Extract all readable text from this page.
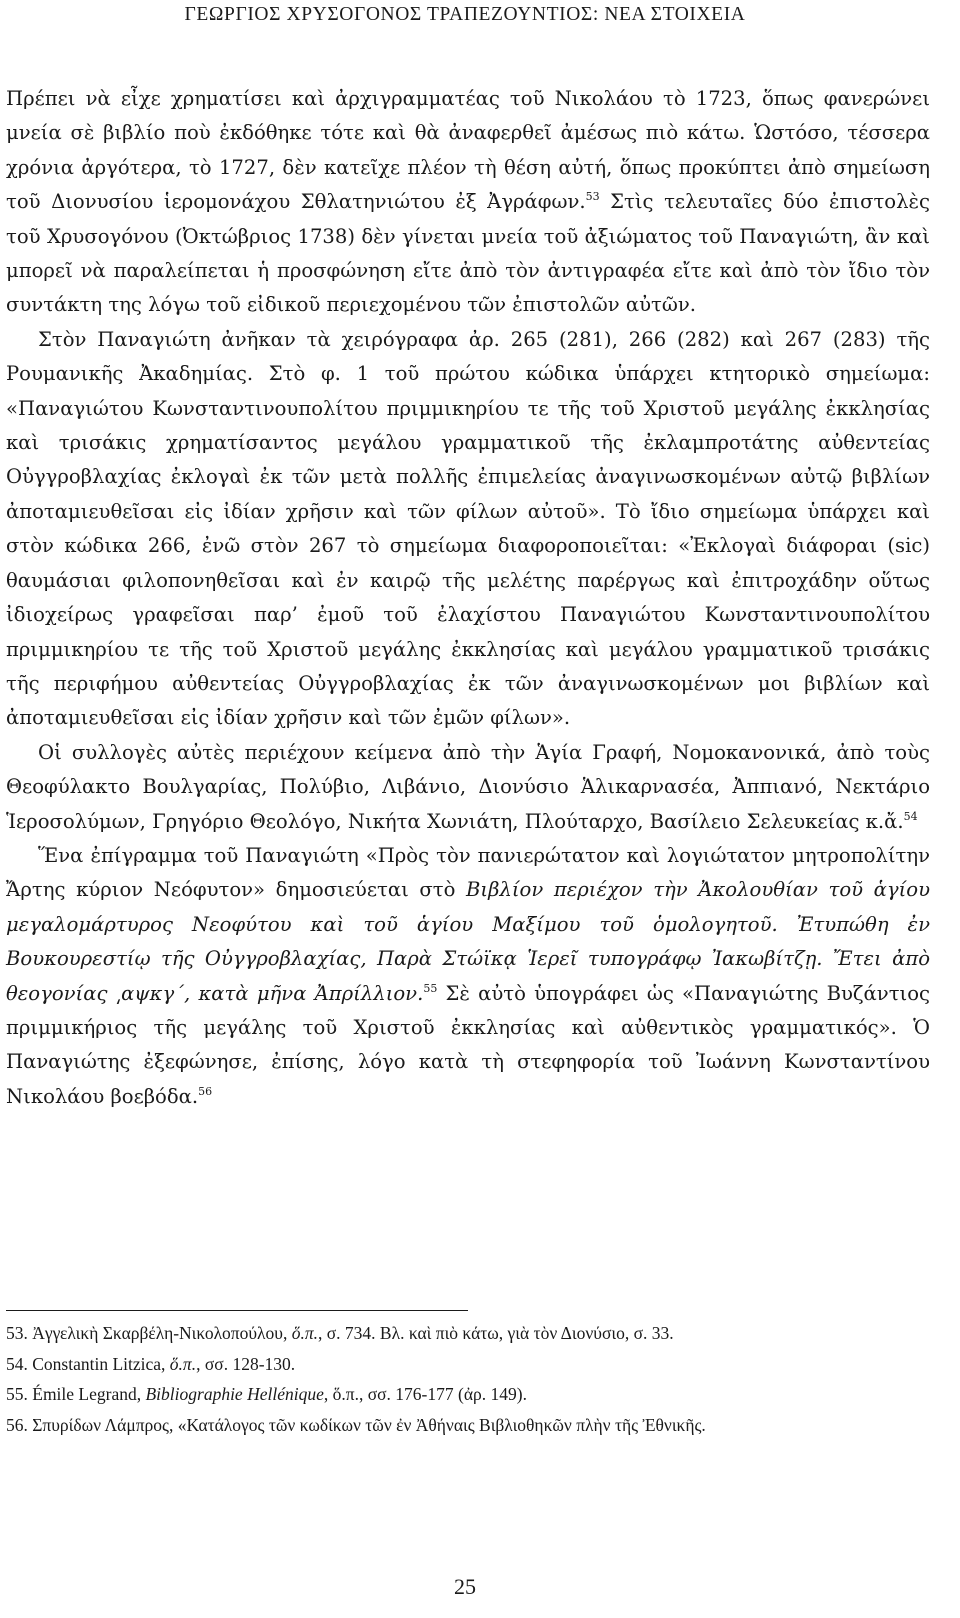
ΓΕΩΡΓΙΟΣ ΧΡΥΣΟΓΟΝΟΣ ΤΡΑΠΕΖΟΥΝΤΙΟΣ: ΝΕΑ ΣΤΟΙΧΕΙΑ

Πρέπει νὰ εἶχε χρηματίσει καὶ ἀρχιγραμματέας τοῦ Νικολάου τὸ 1723, ὅπως φανερώνει μνεία σὲ βιβλίο ποὺ ἐκδόθηκε τότε καὶ θὰ ἀναφερθεῖ ἀμέσως πιὸ κάτω. Ὡστόσο, τέσσερα χρόνια ἀργότερα, τὸ 1727, δὲν κατεῖχε πλέον τὴ θέση αὐτή, ὅπως προκύπτει ἀπὸ σημείωση τοῦ Διονυσίου ἱερομονάχου Σθλατηνιώτου ἐξ Ἀγράφων.$^{53}$ Στὶς τελευταῖες δύο ἐπιστολὲς τοῦ Χρυσογόνου (Ὀκτώβριος 1738) δὲν γίνεται μνεία τοῦ ἀξιώματος τοῦ Παναγιώτη, ἂν καὶ μπορεῖ νὰ παραλείπεται ἡ προσφώνηση εἴτε ἀπὸ τὸν ἀντιγραφέα εἴτε καὶ ἀπὸ τὸν ἴδιο τὸν συντάκτη της λόγω τοῦ εἰδικοῦ περιεχομένου τῶν ἐπιστολῶν αὐτῶν.

Στὸν Παναγιώτη ἀνῆκαν τὰ χειρόγραφα ἀρ. 265 (281), 266 (282) καὶ 267 (283) τῆς Ρουμανικῆς Ἀκαδημίας. Στὸ φ. 1 τοῦ πρώτου κώδικα ὑπάρχει κτητορικὸ σημείωμα: «Παναγιώτου Κωνσταντινουπολίτου πριμμικηρίου τε τῆς τοῦ Χριστοῦ μεγάλης ἐκκλησίας καὶ τρισάκις χρηματίσαντος μεγάλου γραμματικοῦ τῆς ἐκλαμπροτάτης αὐθεντείας Οὐγγροβλαχίας ἐκλογαὶ ἐκ τῶν μετὰ πολλῆς ἐπιμελείας ἀναγινωσκομένων αὐτῷ βιβλίων ἀποταμιευθεῖσαι εἰς ἰδίαν χρῆσιν καὶ τῶν φίλων αὐτοῦ». Τὸ ἴδιο σημείωμα ὑπάρχει καὶ στὸν κώδικα 266, ἐνῶ στὸν 267 τὸ σημείωμα διαφοροποιεῖται: «Ἐκλογαὶ διάφοραι (sic) θαυμάσιαι φιλοπονηθεῖσαι καὶ ἐν καιρῷ τῆς μελέτης παρέργως καὶ ἐπιτροχάδην οὕτως ἰδιοχείρως γραφεῖσαι παρ’ ἐμοῦ τοῦ ἐλαχίστου Παναγιώτου Κωνσταντινουπολίτου πριμμικηρίου τε τῆς τοῦ Χριστοῦ μεγάλης ἐκκλησίας καὶ μεγάλου γραμματικοῦ τρισάκις τῆς περιφήμου αὐθεντείας Οὐγγροβλαχίας ἐκ τῶν ἀναγινωσκομένων μοι βιβλίων καὶ ἀποταμιευθεῖσαι εἰς ἰδίαν χρῆσιν καὶ τῶν ἐμῶν φίλων».

Οἱ συλλογὲς αὐτὲς περιέχουν κείμενα ἀπὸ τὴν Ἁγία Γραφή, Νομοκανονικά, ἀπὸ τοὺς Θεοφύλακτο Βουλγαρίας, Πολύβιο, Λιβάνιο, Διονύσιο Ἁλικαρνασέα, Ἀππιανό, Νεκτάριο Ἱεροσολύμων, Γρηγόριο Θεολόγο, Νικήτα Χωνιάτη, Πλούταρχο, Βασίλειο Σελευκείας κ.ἄ.$^{54}$

Ἕνα ἐπίγραμμα τοῦ Παναγιώτη «Πρὸς τὸν πανιερώτατον καὶ λογιώτατον μητροπολίτην Ἄρτης κύριον Νεόφυτον» δημοσιεύεται στὸ Βιβλίον περιέχον τὴν Ἀκολουθίαν τοῦ ἁγίου μεγαλομάρτυρος Νεοφύτου καὶ τοῦ ἁγίου Μαξίμου τοῦ ὁμολογητοῦ. Ἐτυπώθη ἐν Βουκουρεστίῳ τῆς Οὐγγροβλαχίας, Παρὰ Στώϊκᾳ Ἱερεῖ τυπογράφῳ Ἰακωβίτζῃ. Ἔτει ἀπὸ θεογονίας ͵αψκγ΄, κατὰ μῆνα Ἀπρίλλιον.$^{55}$ Σὲ αὐτὸ ὑπογράφει ὡς «Παναγιώτης Βυζάντιος πριμμικήριος τῆς μεγάλης τοῦ Χριστοῦ ἐκκλησίας καὶ αὐθεντικὸς γραμματικός». Ὁ Παναγιώτης ἐξεφώνησε, ἐπίσης, λόγο κατὰ τὴ στεφηφορία τοῦ Ἰωάννη Κωνσταντίνου Νικολάου βοεβόδα.$^{56}$

53. Ἀγγελικὴ Σκαρβέλη-Νικολοπούλου, ὅ.π., σ. 734. Βλ. καὶ πιὸ κάτω, γιὰ τὸν Διονύσιο, σ. 33.

54. Constantin Litzica, ὅ.π., σσ. 128-130.

55. Émile Legrand, Bibliographie Hellénique, ὅ.π., σσ. 176-177 (ἀρ. 149).

56. Σπυρίδων Λάμπρος, «Κατάλογος τῶν κωδίκων τῶν ἐν Ἀθήναις Βιβλιοθηκῶν πλὴν τῆς Ἐθνικῆς.

25
